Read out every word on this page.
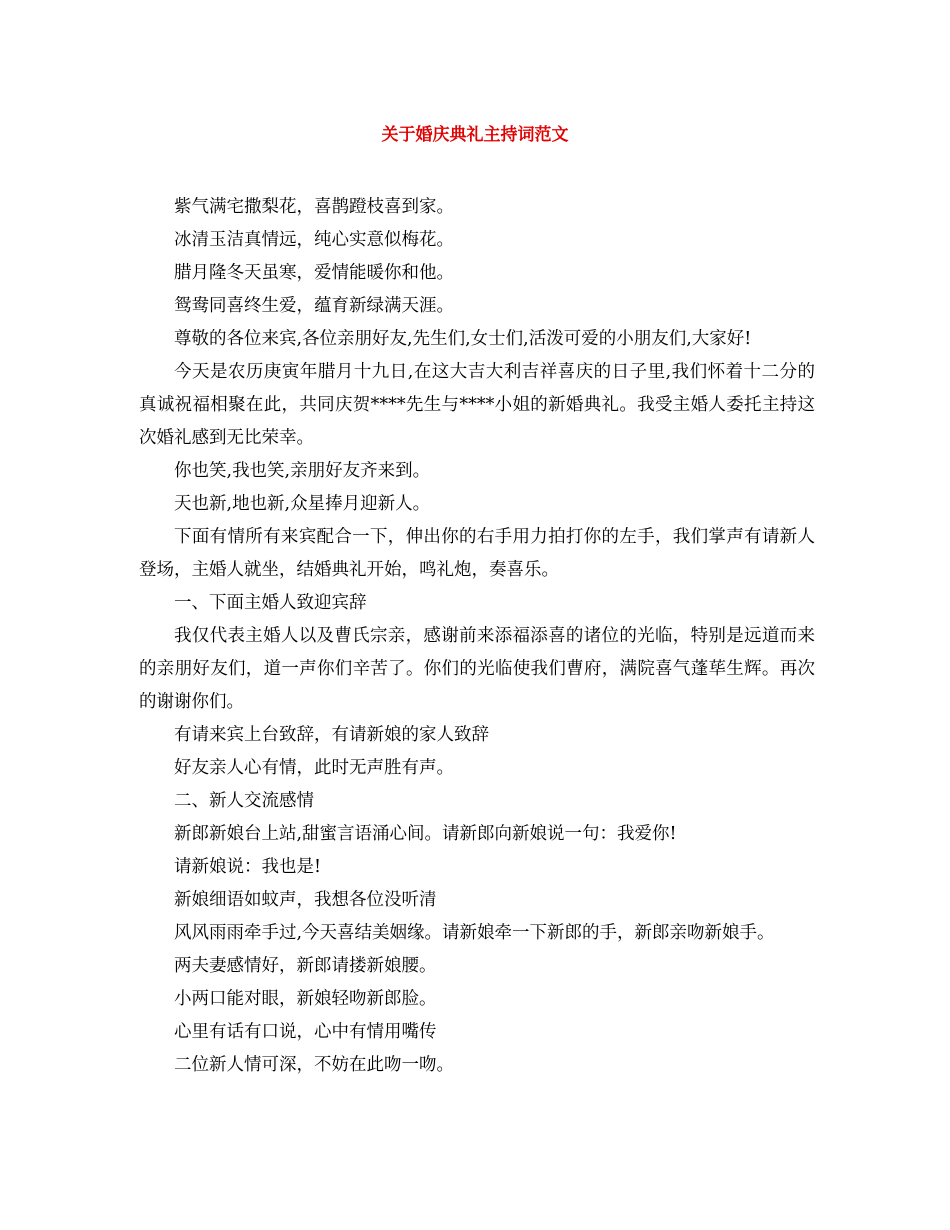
关于婚庆典礼主持词范文

紫气满宅撒梨花，喜鹊蹬枝喜到家。

冰清玉洁真情远，纯心实意似梅花。

腊月隆冬天虽寒，爱情能暖你和他。

鸳鸯同喜终生爱，蕴育新绿满天涯。

尊敬的各位来宾,各位亲朋好友,先生们,女士们,活泼可爱的小朋友们,大家好!

今天是农历庚寅年腊月十九日,在这大吉大利吉祥喜庆的日子里,我们怀着十二分的真诚祝福相聚在此，共同庆贺****先生与****小姐的新婚典礼。我受主婚人委托主持这次婚礼感到无比荣幸。

你也笑,我也笑,亲朋好友齐来到。

天也新,地也新,众星捧月迎新人。

下面有情所有来宾配合一下，伸出你的右手用力拍打你的左手，我们掌声有请新人登场，主婚人就坐，结婚典礼开始，鸣礼炮，奏喜乐。

一、下面主婚人致迎宾辞

我仅代表主婚人以及曹氏宗亲，感谢前来添福添喜的诸位的光临，特别是远道而来的亲朋好友们，道一声你们辛苦了。你们的光临使我们曹府，满院喜气蓬荜生辉。再次的谢谢你们。

有请来宾上台致辞，有请新娘的家人致辞

好友亲人心有情，此时无声胜有声。

二、新人交流感情

新郎新娘台上站,甜蜜言语涌心间。请新郎向新娘说一句：我爱你!

请新娘说：我也是!

新娘细语如蚊声，我想各位没听清

风风雨雨牵手过,今天喜结美姻缘。请新娘牵一下新郎的手，新郎亲吻新娘手。

两夫妻感情好，新郎请搂新娘腰。

小两口能对眼，新娘轻吻新郎脸。

心里有话有口说，心中有情用嘴传

二位新人情可深，不妨在此吻一吻。
